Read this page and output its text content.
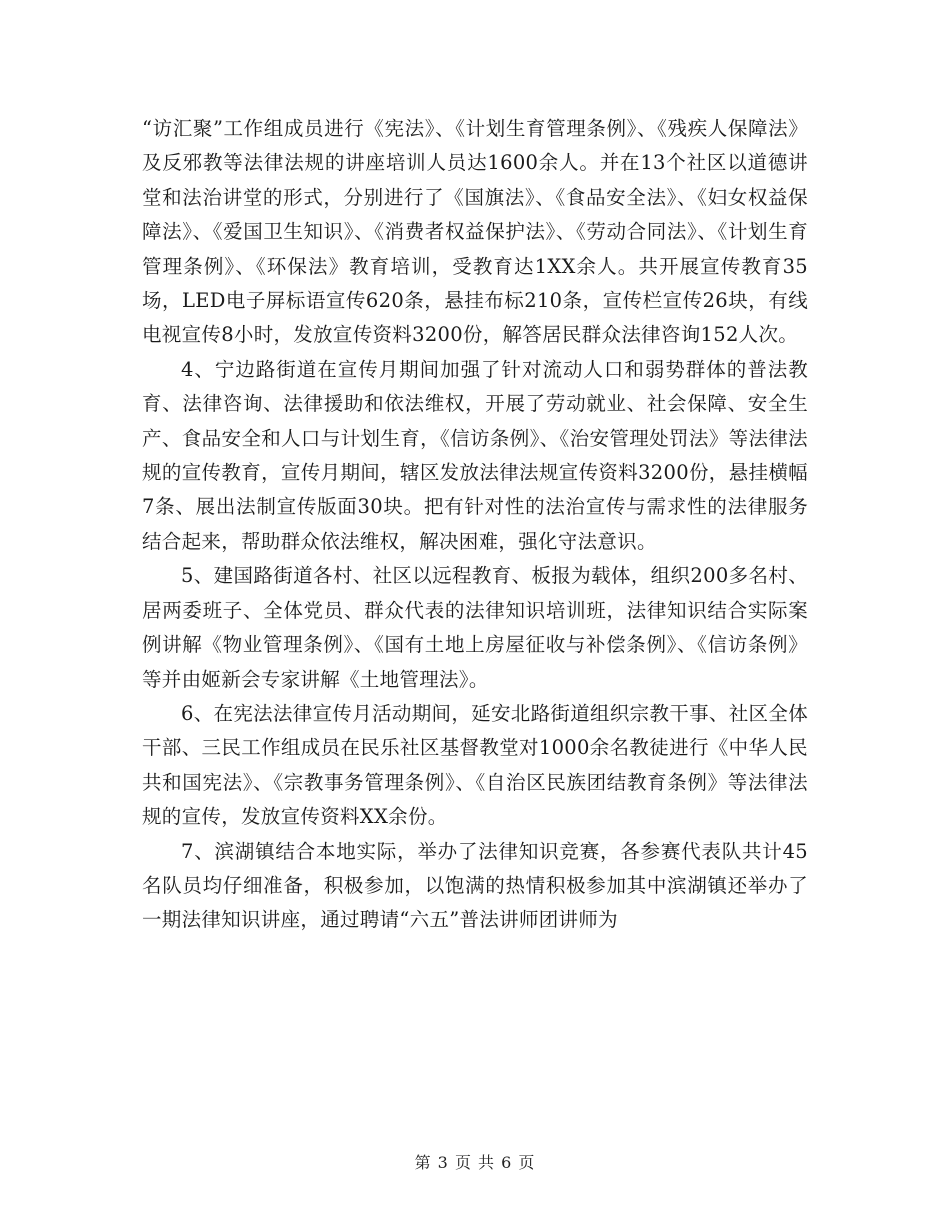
“访汇聚”工作组成员进行《宪法》、《计划生育管理条例》、《残疾人保障法》及反邪教等法律法规的讲座培训人员达1600余人。并在13个社区以道德讲堂和法治讲堂的形式，分别进行了《国旗法》、《食品安全法》、《妇女权益保障法》、《爱国卫生知识》、《消费者权益保护法》、《劳动合同法》、《计划生育管理条例》、《环保法》教育培训，受教育达1XX余人。共开展宣传教育35场，LED电子屏标语宣传620条，悬挂布标210条，宣传栏宣传26块，有线电视宣传8小时，发放宣传资料3200份，解答居民群众法律咨询152人次。

4、宁边路街道在宣传月期间加强了针对流动人口和弱势群体的普法教育、法律咨询、法律援助和依法维权，开展了劳动就业、社会保障、安全生产、食品安全和人口与计划生育，《信访条例》、《治安管理处罚法》等法律法规的宣传教育，宣传月期间，辖区发放法律法规宣传资料3200份，悬挂横幅7条、展出法制宣传版面30块。把有针对性的法治宣传与需求性的法律服务结合起来，帮助群众依法维权，解决困难，强化守法意识。

5、建国路街道各村、社区以远程教育、板报为载体，组织200多名村、居两委班子、全体党员、群众代表的法律知识培训班，法律知识结合实际案例讲解《物业管理条例》、《国有土地上房屋征收与补偿条例》、《信访条例》等并由姬新会专家讲解《土地管理法》。

6、在宪法法律宣传月活动期间，延安北路街道组织宗教干事、社区全体干部、三民工作组成员在民乐社区基督教堂对1000余名教徒进行《中华人民共和国宪法》、《宗教事务管理条例》、《自治区民族团结教育条例》等法律法规的宣传，发放宣传资料XX余份。

7、滨湖镇结合本地实际，举办了法律知识竞赛，各参赛代表队共计45名队员均仔细准备，积极参加，以饱满的热情积极参加其中滨湖镇还举办了一期法律知识讲座，通过聘请“六五”普法讲师团讲师为

第 3 页 共 6 页
